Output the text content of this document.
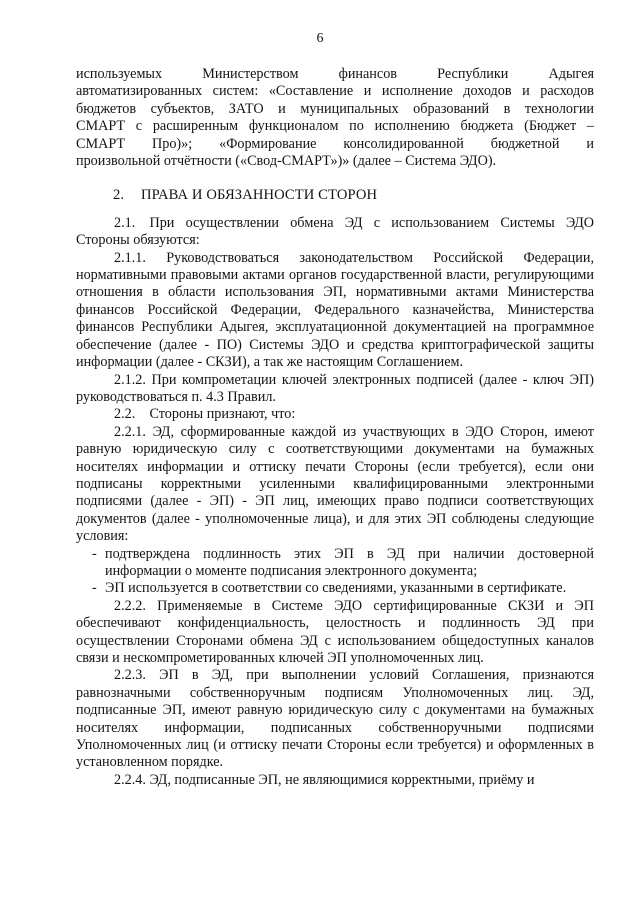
6

используемых Министерством финансов Республики Адыгея

автоматизированных систем: «Составление и исполнение доходов и расходов

бюджетов субъектов, ЗАТО и муниципальных образований в технологии

СМАРТ с расширенным функционалом по исполнению бюджета (Бюджет –

СМАРТ Про)»; «Формирование консолидированной бюджетной и

произвольной отчётности («Свод-СМАРТ»)» (далее – Система ЭДО).

2. ПРАВА И ОБЯЗАННОСТИ СТОРОН

2.1. При осуществлении обмена ЭД с использованием Системы ЭДО Стороны обязуются:

2.1.1. Руководствоваться законодательством Российской Федерации, нормативными правовыми актами органов государственной власти, регулирующими отношения в области использования ЭП, нормативными актами Министерства финансов Российской Федерации, Федерального казначейства, Министерства финансов Республики Адыгея, эксплуатационной документацией на программное обеспечение (далее - ПО) Системы ЭДО и средства криптографической защиты информации (далее - СКЗИ), а так же настоящим Соглашением.

2.1.2. При компрометации ключей электронных подписей (далее - ключ ЭП) руководствоваться п. 4.3 Правил.

2.2. Стороны признают, что:

2.2.1. ЭД, сформированные каждой из участвующих в ЭДО Сторон, имеют равную юридическую силу с соответствующими документами на бумажных носителях информации и оттиску печати Стороны (если требуется), если они подписаны корректными усиленными квалифицированными электронными подписями (далее - ЭП) - ЭП лиц, имеющих право подписи соответствующих документов (далее - уполномоченные лица), и для этих ЭП соблюдены следующие условия:

- подтверждена подлинность этих ЭП в ЭД при наличии достоверной информации о моменте подписания электронного документа;

- ЭП используется в соответствии со сведениями, указанными в сертификате.

2.2.2. Применяемые в Системе ЭДО сертифицированные СКЗИ и ЭП обеспечивают конфиденциальность, целостность и подлинность ЭД при осуществлении Сторонами обмена ЭД с использованием общедоступных каналов связи и нескомпрометированных ключей ЭП уполномоченных лиц.

2.2.3. ЭП в ЭД, при выполнении условий Соглашения, признаются равнозначными собственноручным подписям Уполномоченных лиц. ЭД, подписанные ЭП, имеют равную юридическую силу с документами на бумажных носителях информации, подписанных собственноручными подписями Уполномоченных лиц (и оттиску печати Стороны если требуется) и оформленных в установленном порядке.

2.2.4. ЭД, подписанные ЭП, не являющимися корректными, приёму и
